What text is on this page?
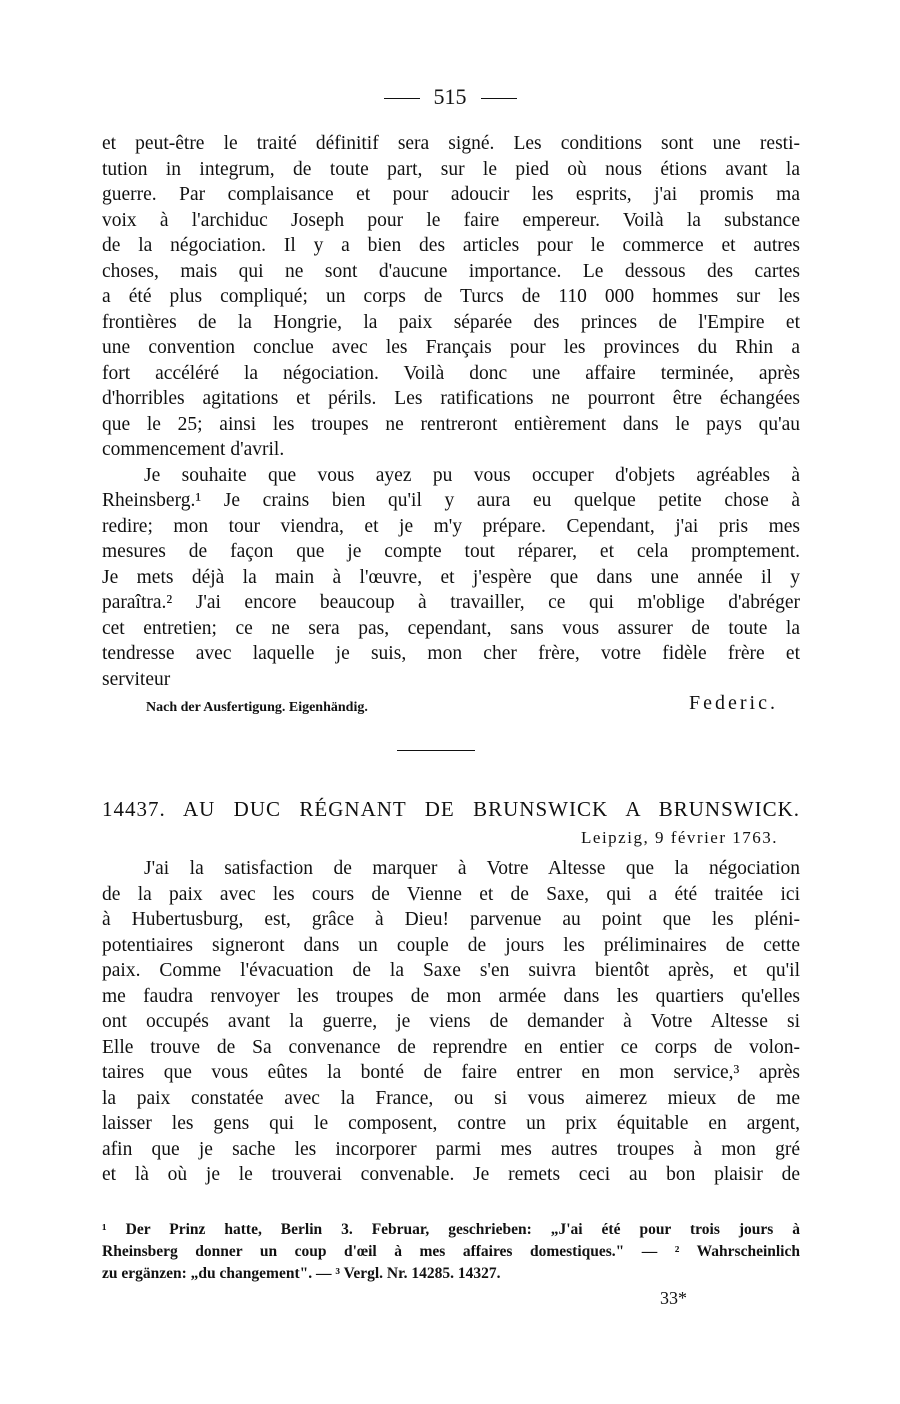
515
et peut-être le traité définitif sera signé. Les conditions sont une resti-
tution in integrum, de toute part, sur le pied où nous étions avant la
guerre. Par complaisance et pour adoucir les esprits, j'ai promis ma
voix à l'archiduc Joseph pour le faire empereur. Voilà la substance
de la négociation. Il y a bien des articles pour le commerce et autres
choses, mais qui ne sont d'aucune importance. Le dessous des cartes
a été plus compliqué; un corps de Turcs de 110 000 hommes sur les
frontières de la Hongrie, la paix séparée des princes de l'Empire et
une convention conclue avec les Français pour les provinces du Rhin a
fort accéléré la négociation. Voilà donc une affaire terminée, après
d'horribles agitations et périls. Les ratifications ne pourront être échangées
que le 25; ainsi les troupes ne rentreront entièrement dans le pays qu'au
commencement d'avril.
Je souhaite que vous ayez pu vous occuper d'objets agréables à
Rheinsberg.¹ Je crains bien qu'il y aura eu quelque petite chose à
redire; mon tour viendra, et je m'y prépare. Cependant, j'ai pris mes
mesures de façon que je compte tout réparer, et cela promptement.
Je mets déjà la main à l'œuvre, et j'espère que dans une année il y
paraîtra.² J'ai encore beaucoup à travailler, ce qui m'oblige d'abréger
cet entretien; ce ne sera pas, cependant, sans vous assurer de toute la
tendresse avec laquelle je suis, mon cher frère, votre fidèle frère et
serviteur
Nach der Ausfertigung. Eigenhändig.	Federic.
14437. AU DUC RÉGNANT DE BRUNSWICK A BRUNSWICK.
Leipzig, 9 février 1763.
J'ai la satisfaction de marquer à Votre Altesse que la négociation
de la paix avec les cours de Vienne et de Saxe, qui a été traitée ici
à Hubertusburg, est, grâce à Dieu! parvenue au point que les pléni-
potentiaires signeront dans un couple de jours les préliminaires de cette
paix. Comme l'évacuation de la Saxe s'en suivra bientôt après, et qu'il
me faudra renvoyer les troupes de mon armée dans les quartiers qu'elles
ont occupés avant la guerre, je viens de demander à Votre Altesse si
Elle trouve de Sa convenance de reprendre en entier ce corps de volon-
taires que vous eûtes la bonté de faire entrer en mon service,³ après
la paix constatée avec la France, ou si vous aimerez mieux de me
laisser les gens qui le composent, contre un prix équitable en argent,
afin que je sache les incorporer parmi mes autres troupes à mon gré
et là où je le trouverai convenable. Je remets ceci au bon plaisir de
¹ Der Prinz hatte, Berlin 3. Februar, geschrieben: „J'ai été pour trois jours à
Rheinsberg donner un coup d'œil à mes affaires domestiques." — ² Wahrscheinlich
zu ergänzen: „du changement". — ³ Vergl. Nr. 14285. 14327.
33*
